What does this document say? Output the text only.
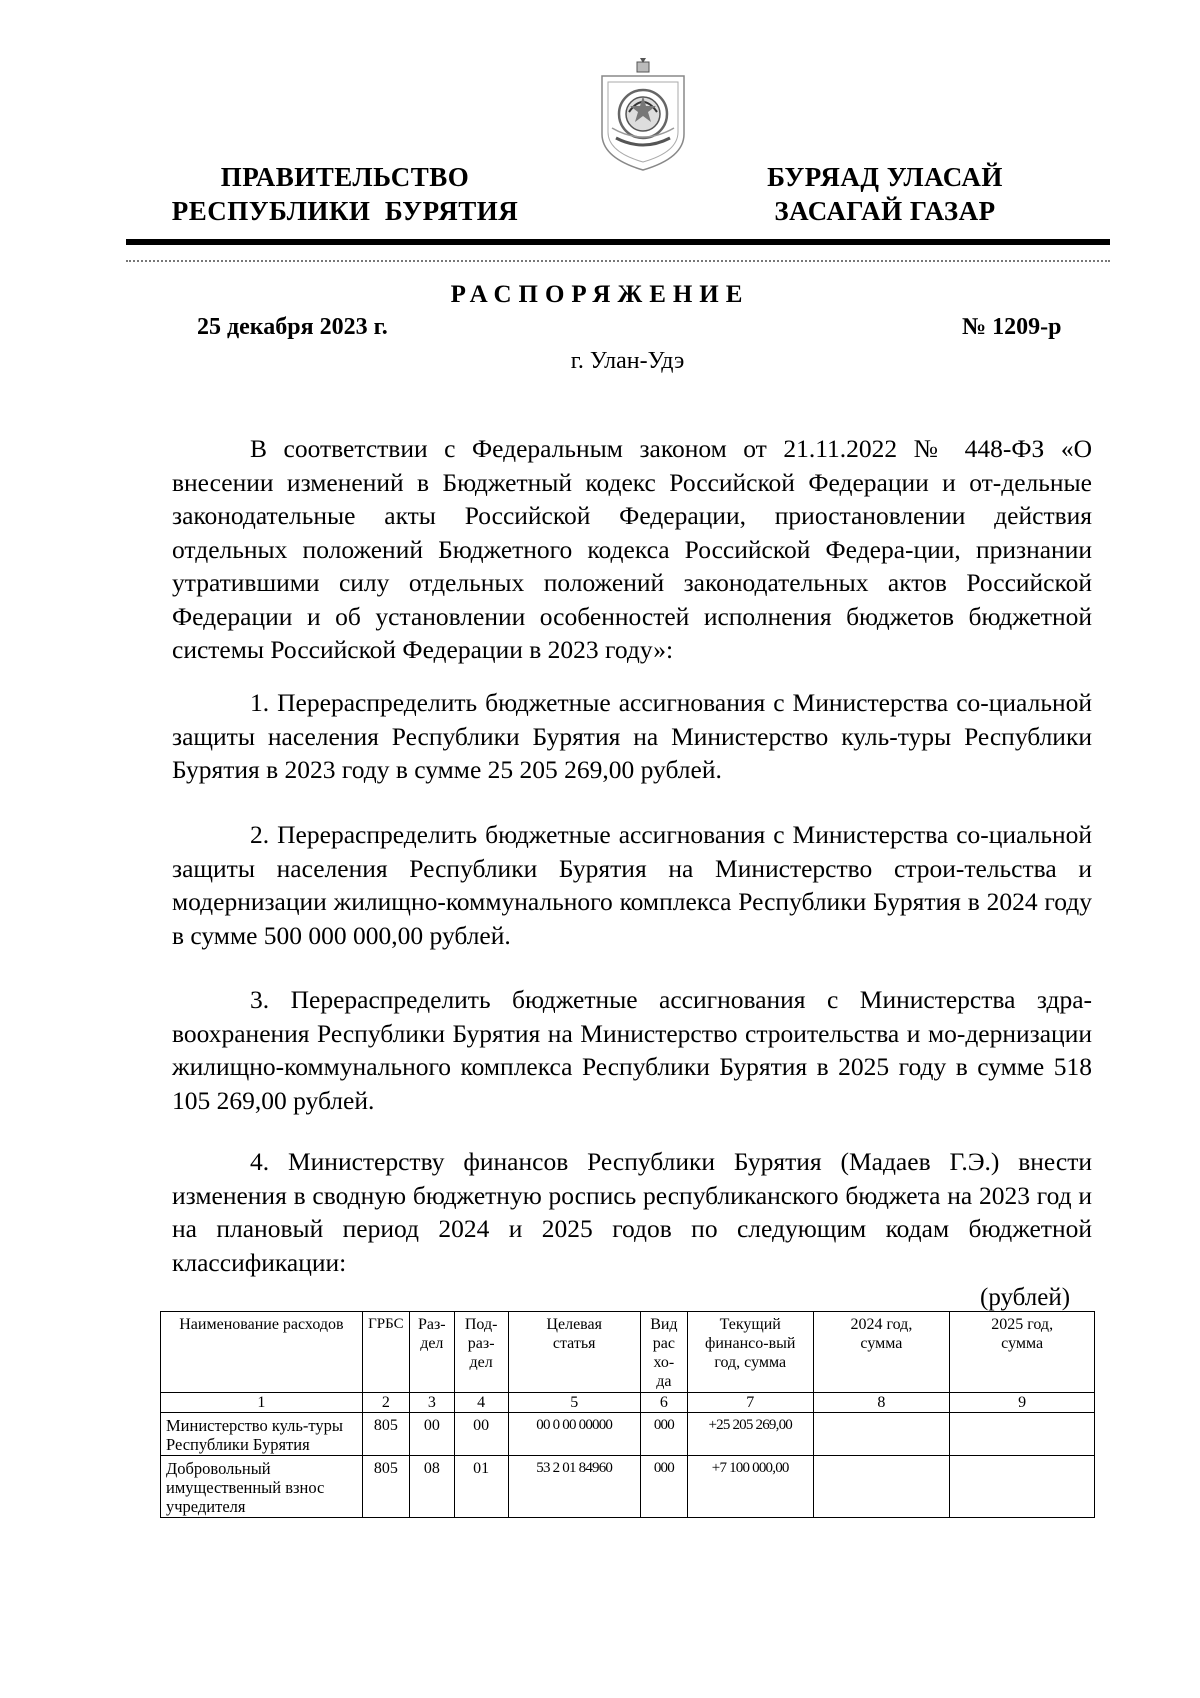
ПРАВИТЕЛЬСТВО
РЕСПУБЛИКИ  БУРЯТИЯ
БУРЯАД УЛАСАЙ
ЗАСАГАЙ ГАЗАР
РАСПОРЯЖЕНИЕ
25 декабря 2023 г.	№ 1209-р
г. Улан-Удэ
В соответствии с Федеральным законом от 21.11.2022 № 448-ФЗ «О внесении изменений в Бюджетный кодекс Российской Федерации и от-дельные законодательные акты Российской Федерации, приостановлении действия отдельных положений Бюджетного кодекса Российской Федера-ции, признании утратившими силу отдельных положений законодательных актов Российской Федерации и об установлении особенностей исполнения бюджетов бюджетной системы Российской Федерации в 2023 году»:
1. Перераспределить бюджетные ассигнования с Министерства со-циальной защиты населения Республики Бурятия на Министерство куль-туры Республики Бурятия в 2023 году в сумме 25 205 269,00 рублей.
2. Перераспределить бюджетные ассигнования с Министерства со-циальной защиты населения Республики Бурятия на Министерство строи-тельства и модернизации жилищно-коммунального комплекса Республики Бурятия в 2024 году в сумме 500 000 000,00 рублей.
3. Перераспределить бюджетные ассигнования с Министерства здра-воохранения Республики Бурятия на Министерство строительства и мо-дернизации жилищно-коммунального комплекса Республики Бурятия в 2025 году в сумме 518 105 269,00 рублей.
4. Министерству финансов Республики Бурятия (Мадаев Г.Э.) внести изменения в сводную бюджетную роспись республиканского бюджета на 2023 год и на плановый период 2024 и 2025 годов по следующим кодам бюджетной классификации:
(рублей)
Наименование расходов	ГРБС	Раз-дел	Под-раз-дел	Целевая статья	Вид рас хо-да	Текущий финансо-вый год, сумма	2024 год, сумма	2025 год, сумма
1	2	3	4	5	6	7	8	9
Министерство куль-туры Республики Бурятия	805	00	00	00 0 00 00000	000	+25 205 269,00		
Добровольный имущественный взнос учредителя	805	08	01	53 2 01 84960	000	+7 100 000,00		
